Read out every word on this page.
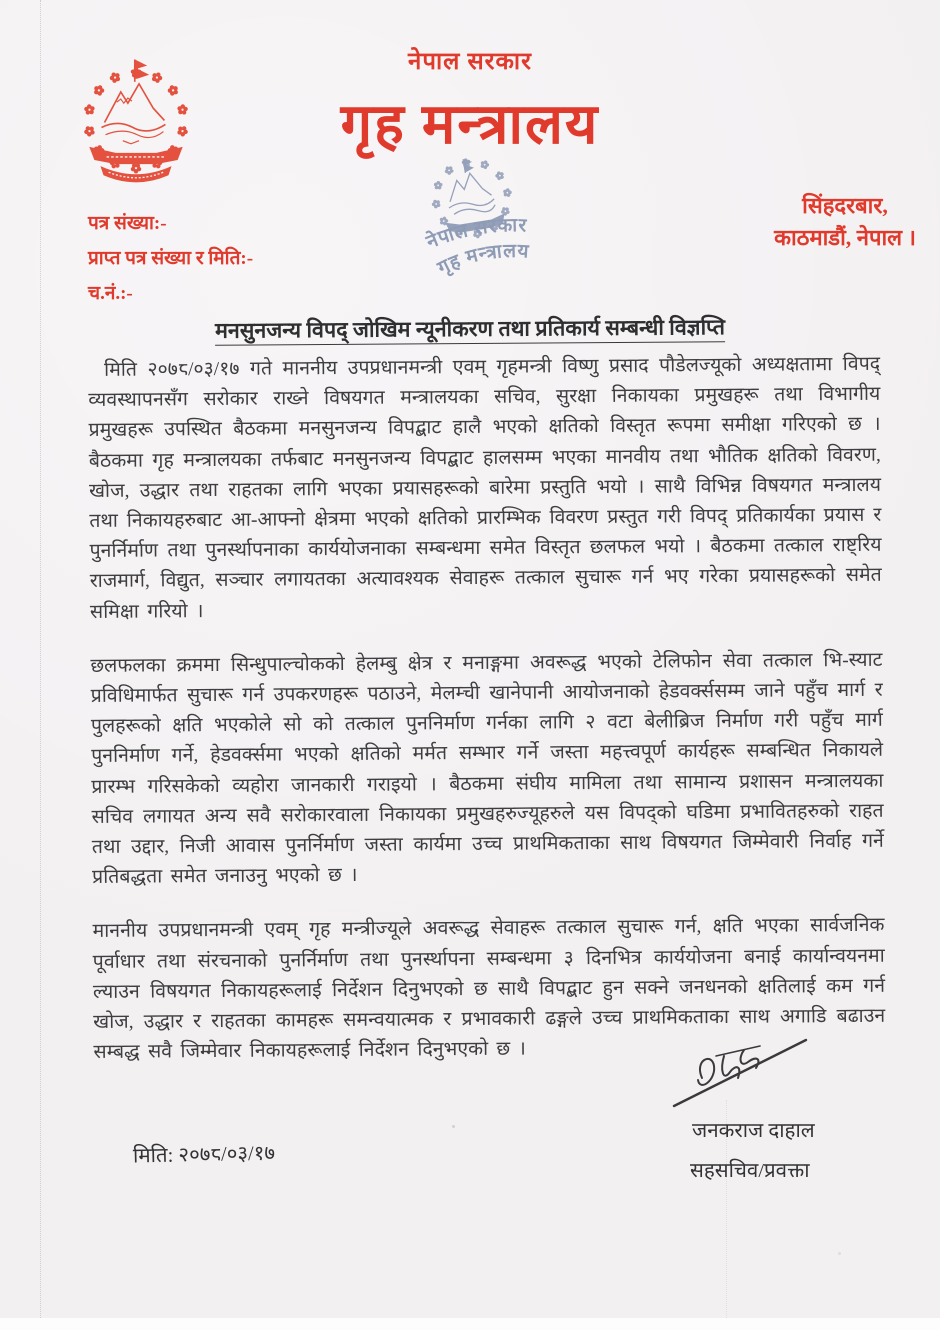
नेपाल सरकार
गृह मन्त्रालय
नेपाल सरकार
गृह मन्त्रालय
सिंहदरबार,
काठमाडौं, नेपाल ।
पत्र संख्या:-
प्राप्त पत्र संख्या र मिति:-
च.नं.:-
मनसुनजन्य विपद् जोखिम न्यूनीकरण तथा प्रतिकार्य सम्बन्धी विज्ञप्ति

मिति २०७८/०३/१७ गते माननीय उपप्रधानमन्त्री एवम् गृहमन्त्री विष्णु प्रसाद पौडेलज्यूको अध्यक्षतामा विपद् व्यवस्थापनसँग सरोकार राख्ने विषयगत मन्त्रालयका सचिव, सुरक्षा निकायका प्रमुखहरू तथा विभागीय प्रमुखहरू उपस्थित बैठकमा मनसुनजन्य विपद्बाट हालै भएको क्षतिको विस्तृत रूपमा समीक्षा गरिएको छ । बैठकमा गृह मन्त्रालयका तर्फबाट मनसुनजन्य विपद्बाट हालसम्म भएका मानवीय तथा भौतिक क्षतिको विवरण, खोज, उद्धार तथा राहतका लागि भएका प्रयासहरूको बारेमा प्रस्तुति भयो । साथै विभिन्न विषयगत मन्त्रालय तथा निकायहरुबाट आ-आफ्नो क्षेत्रमा भएको क्षतिको प्रारम्भिक विवरण प्रस्तुत गरी विपद् प्रतिकार्यका प्रयास र पुनर्निर्माण तथा पुनर्स्थापनाका कार्ययोजनाका सम्बन्धमा समेत विस्तृत छलफल भयो । बैठकमा तत्काल राष्ट्रिय राजमार्ग, विद्युत, सञ्चार लगायतका अत्यावश्यक सेवाहरू तत्काल सुचारू गर्न भए गरेका प्रयासहरूको समेत समिक्षा गरियो ।

छलफलका क्रममा सिन्धुपाल्चोकको हेलम्बु क्षेत्र र मनाङ्गमा अवरूद्ध भएको टेलिफोन सेवा तत्काल भि-स्याट प्रविधिमार्फत सुचारू गर्न उपकरणहरू पठाउने, मेलम्ची खानेपानी आयोजनाको हेडवर्क्ससम्म जाने पहुँच मार्ग र पुलहरूको क्षति भएकोले सो को तत्काल पुननिर्माण गर्नका लागि २ वटा बेलीब्रिज निर्माण गरी पहुँच मार्ग पुननिर्माण गर्ने, हेडवर्क्समा भएको क्षतिको मर्मत सम्भार गर्ने जस्ता महत्त्वपूर्ण कार्यहरू सम्बन्धित निकायले प्रारम्भ गरिसकेको व्यहोरा जानकारी गराइयो । बैठकमा संघीय मामिला तथा सामान्य प्रशासन मन्त्रालयका सचिव लगायत अन्य सवै सरोकारवाला निकायका प्रमुखहरुज्यूहरुले यस विपद्को घडिमा प्रभावितहरुको राहत तथा उद्दार, निजी आवास पुनर्निर्माण जस्ता कार्यमा उच्च प्राथमिकताका साथ विषयगत जिम्मेवारी निर्वाह गर्ने प्रतिबद्धता समेत जनाउनु भएको छ ।

माननीय उपप्रधानमन्त्री एवम् गृह मन्त्रीज्यूले अवरूद्ध सेवाहरू तत्काल सुचारू गर्न, क्षति भएका सार्वजनिक पूर्वाधार तथा संरचनाको पुनर्निर्माण तथा पुनर्स्थापना सम्बन्धमा ३ दिनभित्र कार्ययोजना बनाई कार्यान्वयनमा ल्याउन विषयगत निकायहरूलाई निर्देशन दिनुभएको छ साथै विपद्बाट हुन सक्ने जनधनको क्षतिलाई कम गर्न खोज, उद्धार र राहतका कामहरू समन्वयात्मक र प्रभावकारी ढङ्गले उच्च प्राथमिकताका साथ अगाडि बढाउन सम्बद्ध सवै जिम्मेवार निकायहरूलाई निर्देशन दिनुभएको छ ।

जनकराज दाहाल
सहसचिव/प्रवक्ता
मिति: २०७८/०३/१७
